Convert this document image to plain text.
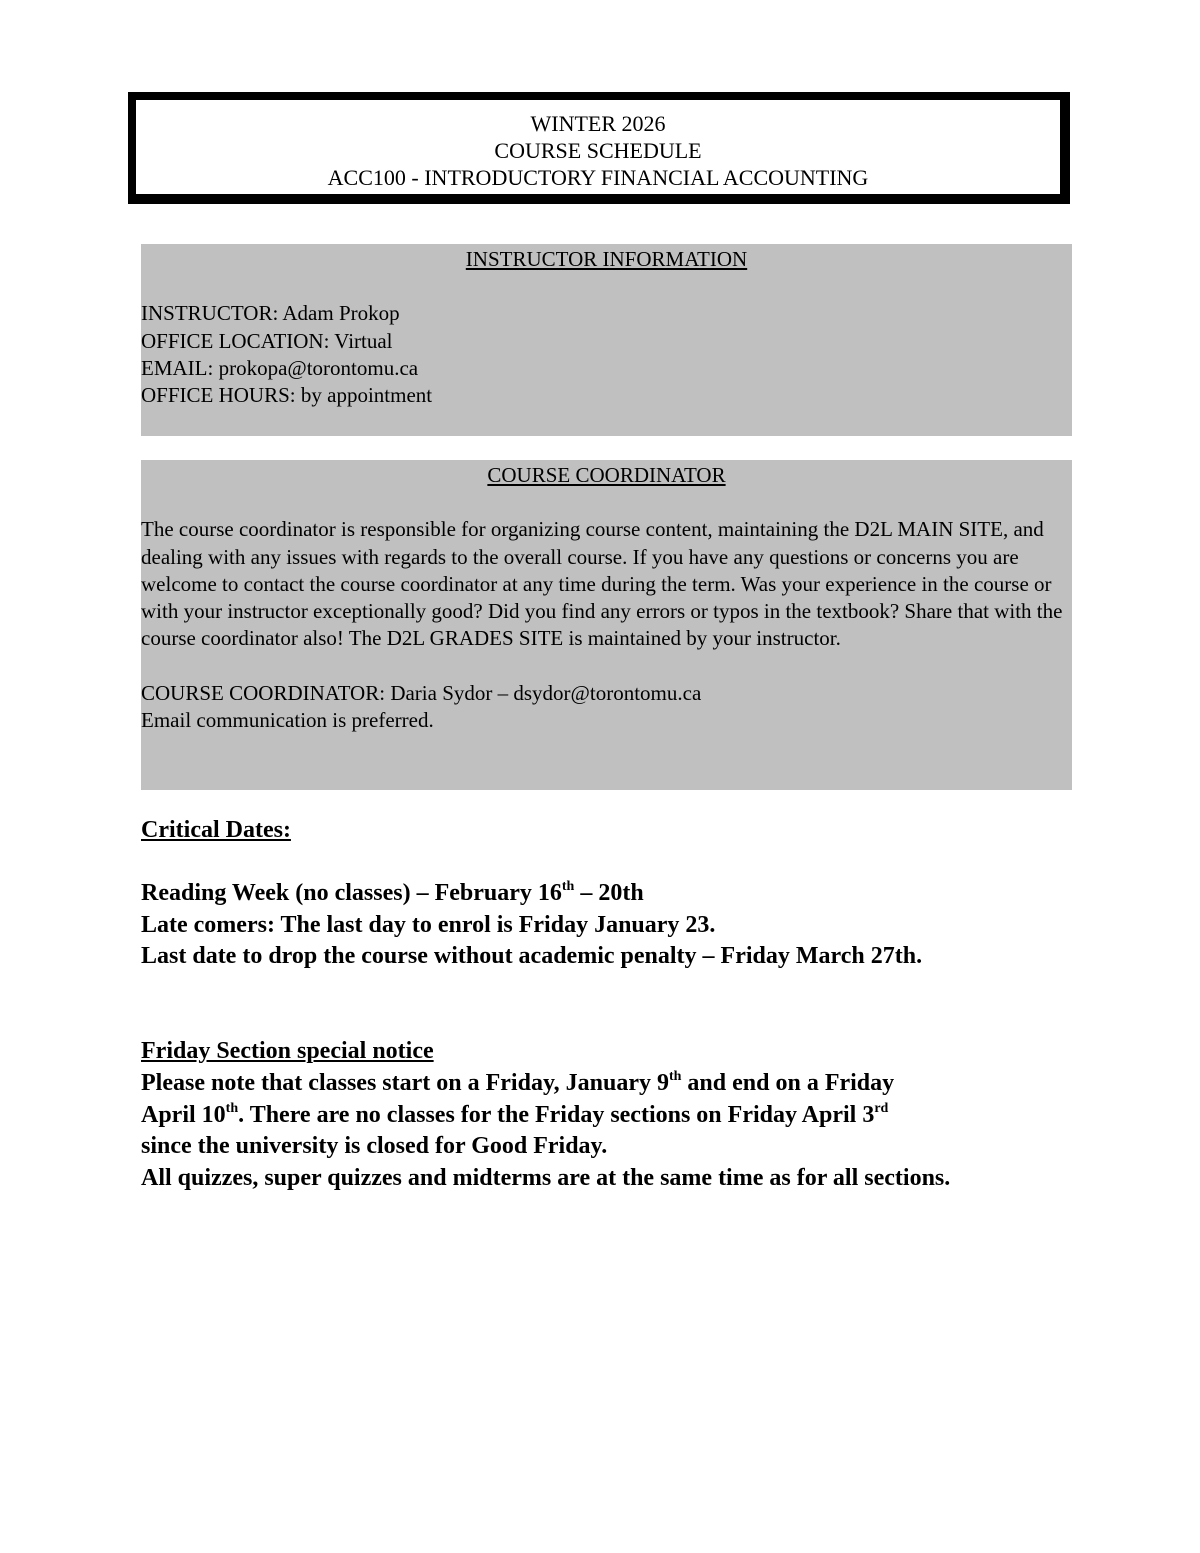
WINTER 2026
COURSE SCHEDULE
ACC100 - INTRODUCTORY FINANCIAL ACCOUNTING
INSTRUCTOR INFORMATION
INSTRUCTOR: Adam Prokop
OFFICE LOCATION: Virtual
EMAIL: prokopa@torontomu.ca
OFFICE HOURS: by appointment
COURSE COORDINATOR
The course coordinator is responsible for organizing course content, maintaining the D2L MAIN SITE, and dealing with any issues with regards to the overall course. If you have any questions or concerns you are welcome to contact the course coordinator at any time during the term. Was your experience in the course or with your instructor exceptionally good? Did you find any errors or typos in the textbook? Share that with the course coordinator also! The D2L GRADES SITE is maintained by your instructor.
COURSE COORDINATOR: Daria Sydor – dsydor@torontomu.ca
Email communication is preferred.
Critical Dates:
Reading Week (no classes) – February 16th – 20th
Late comers: The last day to enrol is Friday January 23.
Last date to drop the course without academic penalty – Friday March 27th.
Friday Section special notice
Please note that classes start on a Friday, January 9th and end on a Friday
April 10th. There are no classes for the Friday sections on Friday April 3rd
since the university is closed for Good Friday.
All quizzes, super quizzes and midterms are at the same time as for all sections.
